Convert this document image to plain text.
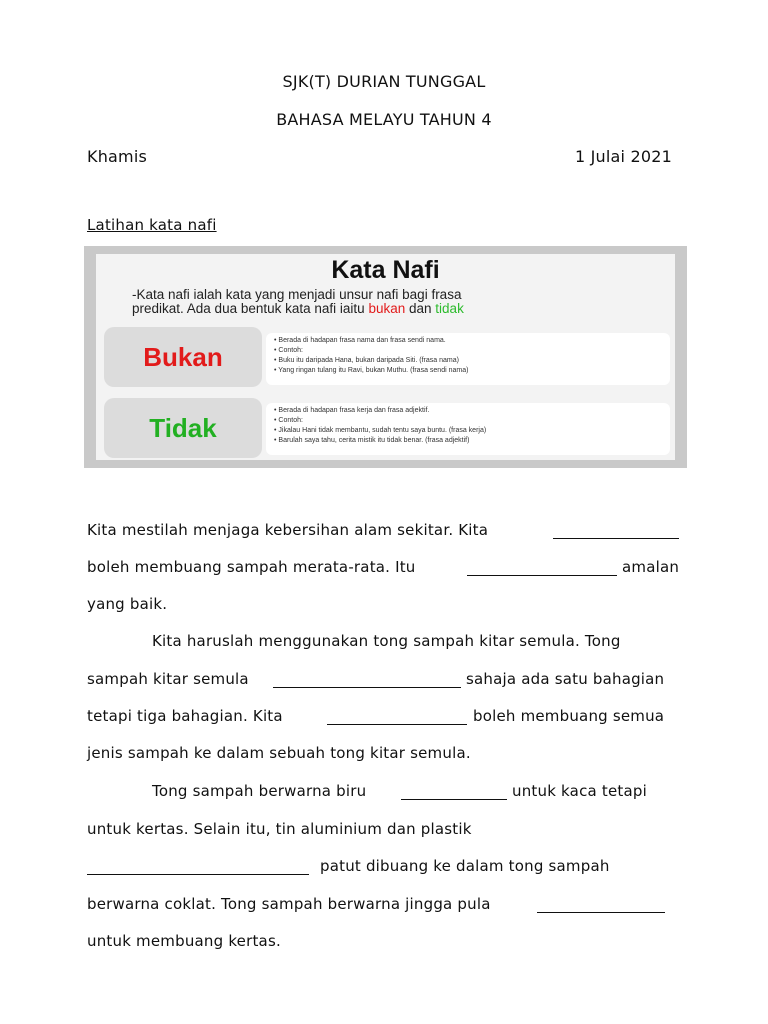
SJK(T) DURIAN TUNGGAL
BAHASA MELAYU TAHUN 4
Khamis	1 Julai 2021
Latihan kata nafi
Kata Nafi
-Kata nafi ialah kata yang menjadi unsur nafi bagi frasa
predikat. Ada dua bentuk kata nafi iaitu bukan dan tidak
Bukan
• Berada di hadapan frasa nama dan frasa sendi nama.
• Contoh:
• Buku itu daripada Hana, bukan daripada Siti. (frasa nama)
• Yang ringan tulang itu Ravi, bukan Muthu. (frasa sendi nama)
Tidak
• Berada di hadapan frasa kerja dan frasa adjektif.
• Contoh:
• Jikalau Hani tidak membantu, sudah tentu saya buntu. (frasa kerja)
• Barulah saya tahu, cerita mistik itu tidak benar. (frasa adjektif)
Kita mestilah menjaga kebersihan alam sekitar. Kita
boleh membuang sampah merata-rata. Itu	amalan
yang baik.
Kita haruslah menggunakan tong sampah kitar semula. Tong
sampah kitar semula	sahaja ada satu bahagian
tetapi tiga bahagian. Kita	boleh membuang semua
jenis sampah ke dalam sebuah tong kitar semula.
Tong sampah berwarna biru	untuk kaca tetapi
untuk kertas. Selain itu, tin aluminium dan plastik
patut dibuang ke dalam tong sampah
berwarna coklat. Tong sampah berwarna jingga pula
untuk membuang kertas.
